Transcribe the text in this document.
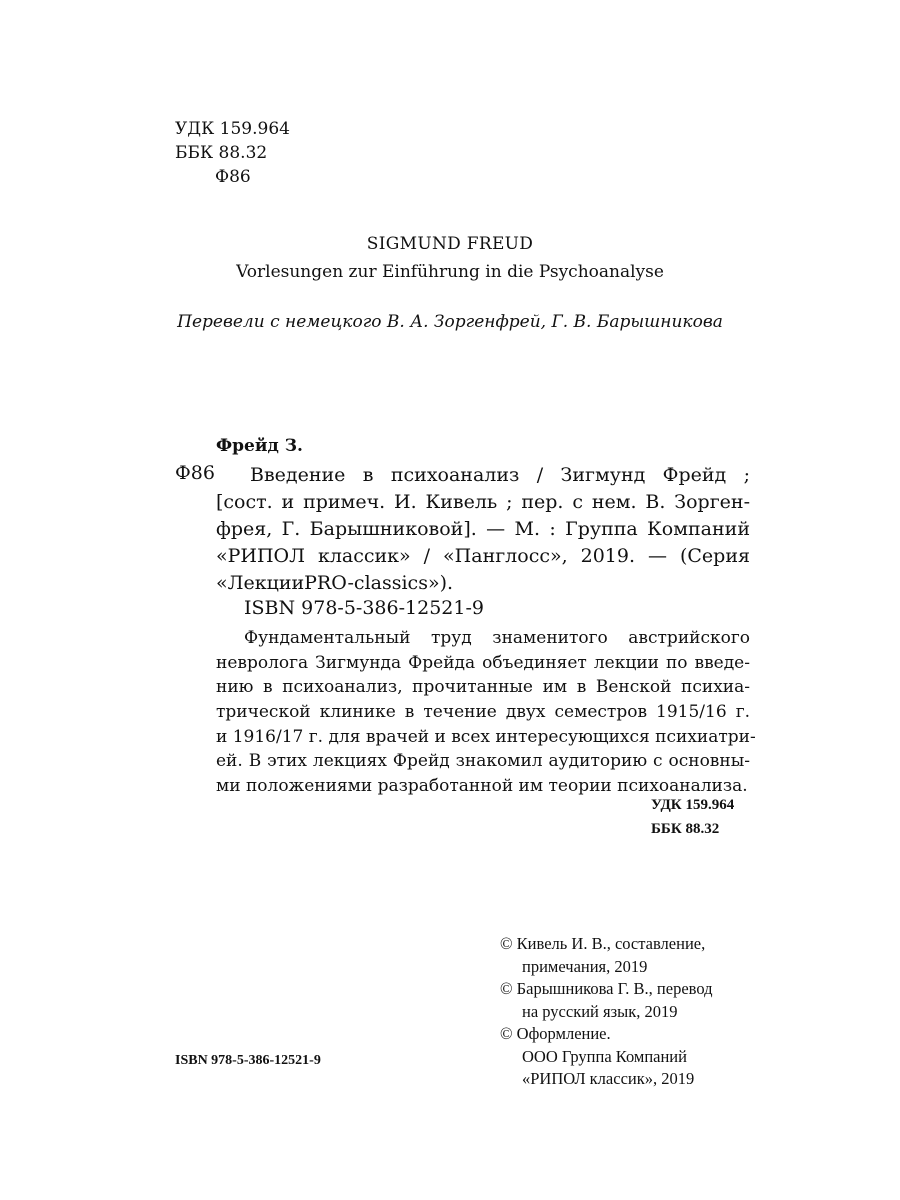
УДК 159.964
ББК 88.32
Ф86
SIGMUND FREUD
Vorlesungen zur Einführung in die Psychoanalyse
Перевели с немецкого В. А. Зоргенфрей, Г. В. Барышникова
Фрейд З.
Ф86	Введение в психоанализ / Зигмунд Фрейд ;
[сост. и примеч. И. Кивель ; пер. с нем. В. Зорген-
фрея, Г. Барышниковой]. — М. : Группа Компаний
«РИПОЛ классик» / «Панглосс», 2019. — (Серия
«ЛекцииPRO-classics»).
ISBN 978-5-386-12521-9
Фундаментальный труд знаменитого австрийского
невролога Зигмунда Фрейда объединяет лекции по введе-
нию в психоанализ, прочитанные им в Венской психиа-
трической клинике в течение двух семестров 1915/16 г.
и 1916/17 г. для врачей и всех интересующихся психиатри-
ей. В этих лекциях Фрейд знакомил аудиторию с основны-
ми положениями разработанной им теории психоанализа.
УДК 159.964
ББК 88.32
© Кивель И. В., составление,
примечания, 2019
© Барышникова Г. В., перевод
на русский язык, 2019
© Оформление.
ООО Группа Компаний
«РИПОЛ классик», 2019
ISBN 978-5-386-12521-9
